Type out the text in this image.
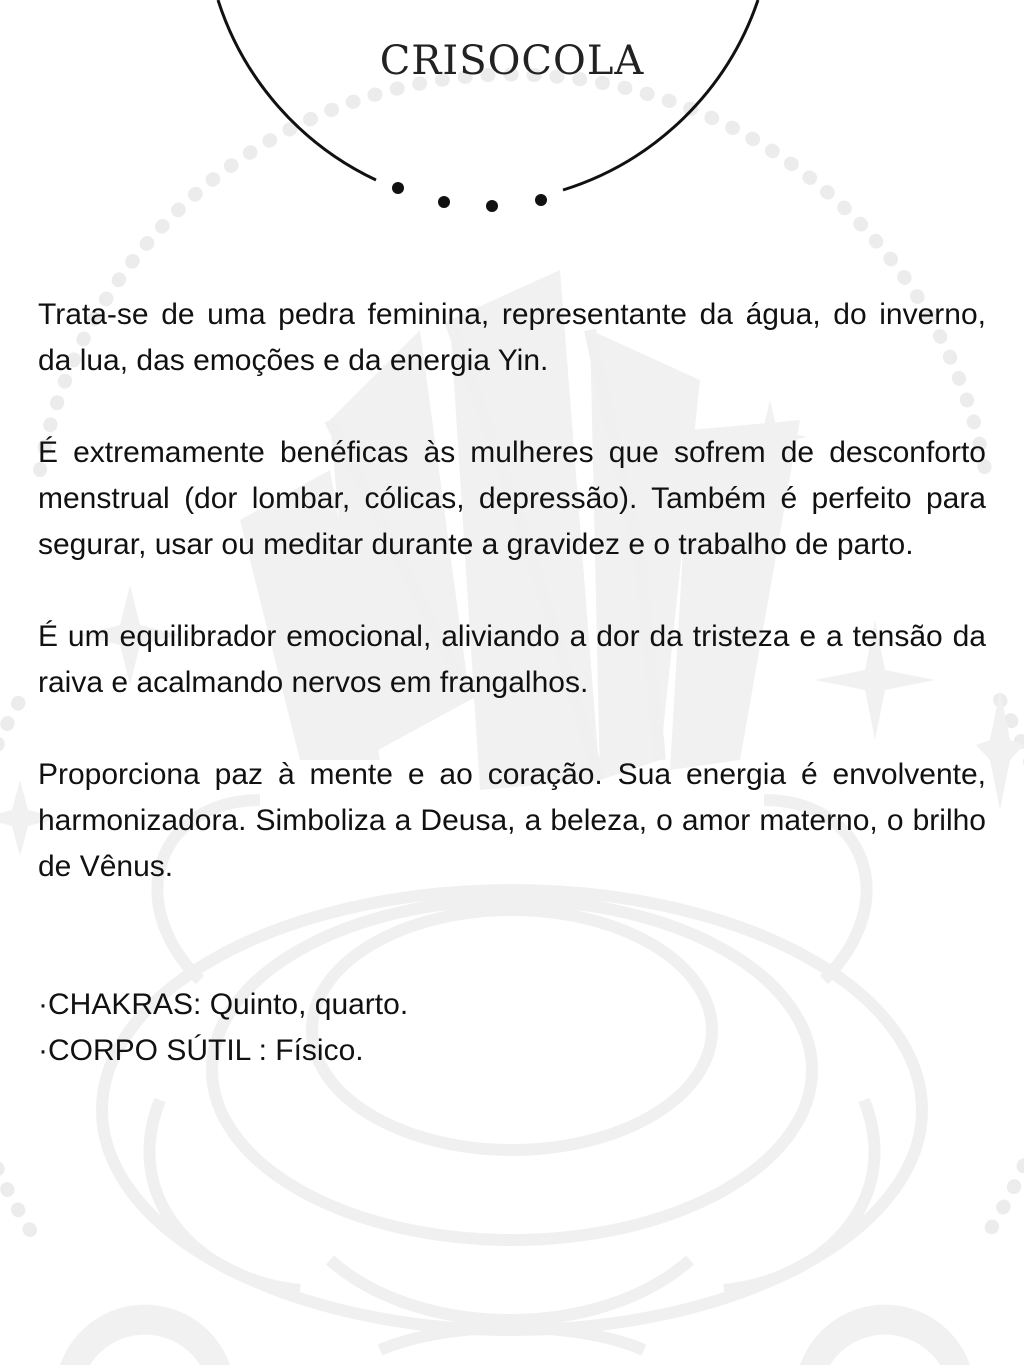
CRISOCOLA

Trata-se de uma pedra feminina, representante da água, do inverno, da lua, das emoções e da energia Yin.

É extremamente benéficas às mulheres que sofrem de desconforto menstrual (dor lombar, cólicas, depressão). Também é perfeito para segurar, usar ou meditar durante a gravidez e o trabalho de parto.

É um equilibrador emocional, aliviando a dor da tristeza e a tensão da raiva e acalmando nervos em frangalhos.

Proporciona paz à mente e ao coração. Sua energia é envolvente, harmonizadora. Simboliza a Deusa, a beleza, o amor materno, o brilho de Vênus.

·CHAKRAS: Quinto, quarto.

·CORPO SÚTIL : Físico.
